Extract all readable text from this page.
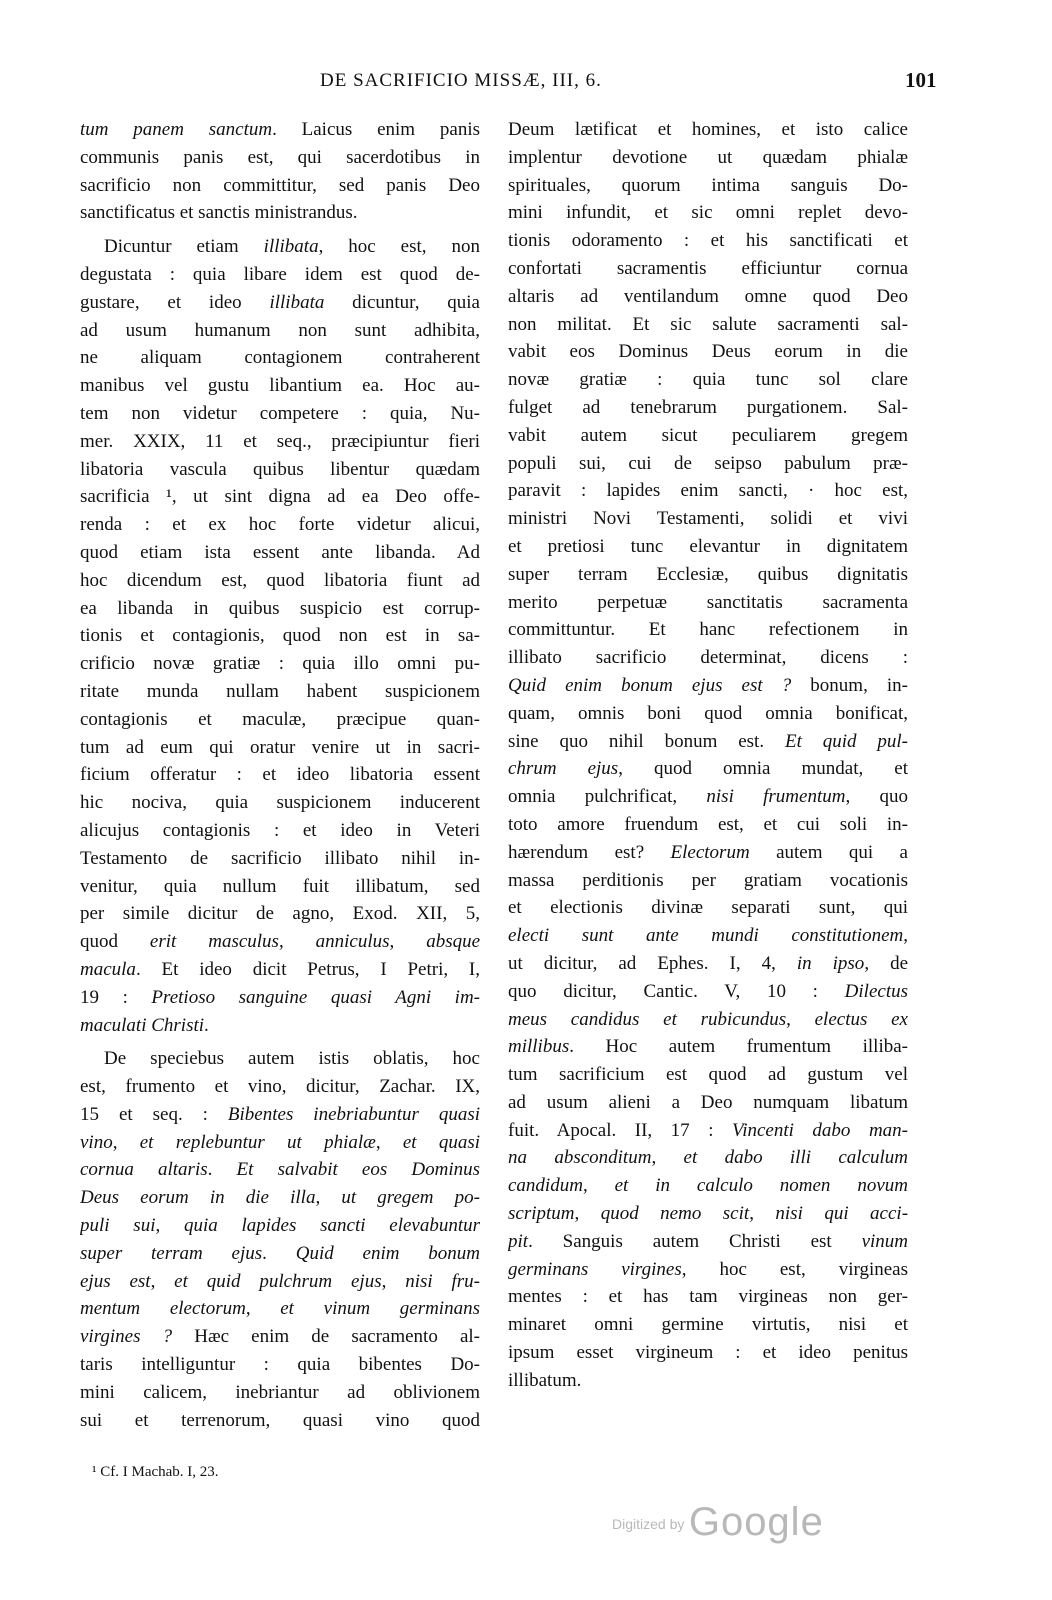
DE SACRIFICIO MISSÆ, III, 6.	101
tum panem sanctum. Laicus enim panis
communis panis est, qui sacerdotibus in
sacrificio non committitur, sed panis Deo
sanctificatus et sanctis ministrandus.
Dicuntur etiam illibata, hoc est, non
degustata : quia libare idem est quod de-
gustare, et ideo illibata dicuntur, quia
ad usum humanum non sunt adhibita,
ne aliquam contagionem contraherent
manibus vel gustu libantium ea. Hoc au-
tem non videtur competere : quia, Nu-
mer. XXIX, 11 et seq., præcipiuntur fieri
libatoria vascula quibus libentur quædam
sacrificia ¹, ut sint digna ad ea Deo offe-
renda : et ex hoc forte videtur alicui,
quod etiam ista essent ante libanda. Ad
hoc dicendum est, quod libatoria fiunt ad
ea libanda in quibus suspicio est corrup-
tionis et contagionis, quod non est in sa-
crificio novæ gratiæ : quia illo omni pu-
ritate munda nullam habent suspicionem
contagionis et maculæ, præcipue quan-
tum ad eum qui oratur venire ut in sacri-
ficium offeratur : et ideo libatoria essent
hic nociva, quia suspicionem inducerent
alicujus contagionis : et ideo in Veteri
Testamento de sacrificio illibato nihil in-
venitur, quia nullum fuit illibatum, sed
per simile dicitur de agno, Exod. XII, 5,
quod erit masculus, anniculus, absque
macula. Et ideo dicit Petrus, I Petri, I,
19 : Pretioso sanguine quasi Agni im-
maculati Christi.
De speciebus autem istis oblatis, hoc
est, frumento et vino, dicitur, Zachar. IX,
15 et seq. : Bibentes inebriabuntur quasi
vino, et replebuntur ut phialæ, et quasi
cornua altaris. Et salvabit eos Dominus
Deus eorum in die illa, ut gregem po-
puli sui, quia lapides sancti elevabuntur
super terram ejus. Quid enim bonum
ejus est, et quid pulchrum ejus, nisi fru-
mentum electorum, et vinum germinans
virgines ? Hæc enim de sacramento al-
taris intelliguntur : quia bibentes Do-
mini calicem, inebriantur ad oblivionem
sui et terrenorum, quasi vino quod
Deum lætificat et homines, et isto calice
implentur devotione ut quædam phialæ
spirituales, quorum intima sanguis Do-
mini infundit, et sic omni replet devo-
tionis odoramento : et his sanctificati et
confortati sacramentis efficiuntur cornua
altaris ad ventilandum omne quod Deo
non militat. Et sic salute sacramenti sal-
vabit eos Dominus Deus eorum in die
novæ gratiæ : quia tunc sol clare
fulget ad tenebrarum purgationem. Sal-
vabit autem sicut peculiarem gregem
populi sui, cui de seipso pabulum præ-
paravit : lapides enim sancti, · hoc est,
ministri Novi Testamenti, solidi et vivi
et pretiosi tunc elevantur in dignitatem
super terram Ecclesiæ, quibus dignitatis
merito perpetuæ sanctitatis sacramenta
committuntur. Et hanc refectionem in
illibato sacrificio determinat, dicens :
Quid enim bonum ejus est ? bonum, in-
quam, omnis boni quod omnia bonificat,
sine quo nihil bonum est. Et quid pul-
chrum ejus, quod omnia mundat, et
omnia pulchrificat, nisi frumentum, quo
toto amore fruendum est, et cui soli in-
hærendum est? Electorum autem qui a
massa perditionis per gratiam vocationis
et electionis divinæ separati sunt, qui
electi sunt ante mundi constitutionem,
ut dicitur, ad Ephes. I, 4, in ipso, de
quo dicitur, Cantic. V, 10 : Dilectus
meus candidus et rubicundus, electus ex
millibus. Hoc autem frumentum illiba-
tum sacrificium est quod ad gustum vel
ad usum alieni a Deo numquam libatum
fuit. Apocal. II, 17 : Vincenti dabo man-
na absconditum, et dabo illi calculum
candidum, et in calculo nomen novum
scriptum, quod nemo scit, nisi qui acci-
pit. Sanguis autem Christi est vinum
germinans virgines, hoc est, virgineas
mentes : et has tam virgineas non ger-
minaret omni germine virtutis, nisi et
ipsum esset virgineum : et ideo penitus
illibatum.
¹ Cf. I Machab. I, 23.
Digitized by Google
